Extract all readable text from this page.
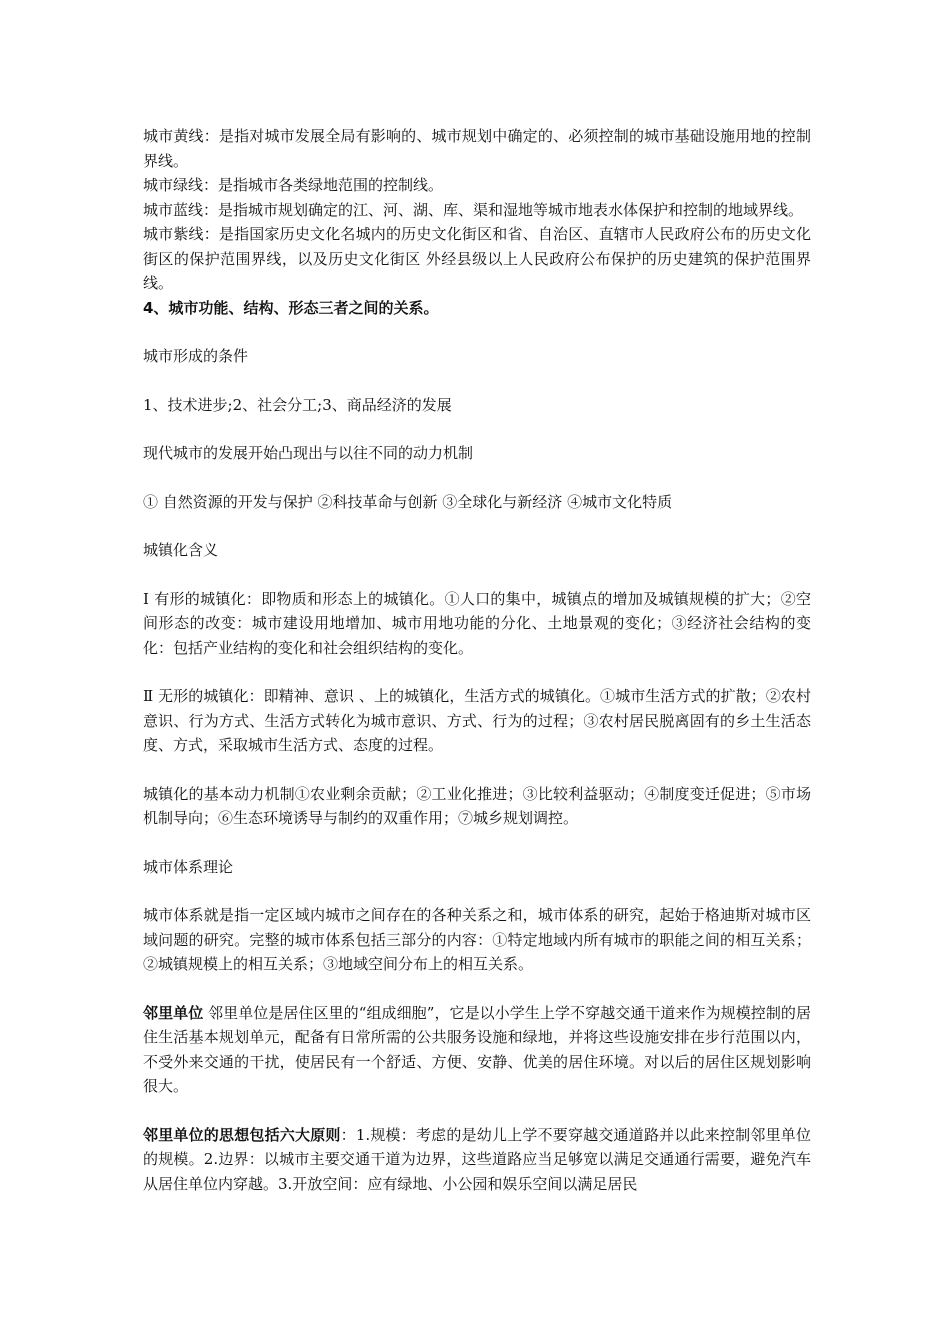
城市黄线：是指对城市发展全局有影响的、城市规划中确定的、必须控制的城市基础设施用地的控制界线。

城市绿线：是指城市各类绿地范围的控制线。

城市蓝线：是指城市规划确定的江、河、湖、库、渠和湿地等城市地表水体保护和控制的地域界线。

城市紫线：是指国家历史文化名城内的历史文化街区和省、自治区、直辖市人民政府公布的历史文化街区的保护范围界线，以及历史文化街区 外经县级以上人民政府公布保护的历史建筑的保护范围界线。

4、城市功能、结构、形态三者之间的关系。

城市形成的条件

1、技术进步;2、社会分工;3、商品经济的发展

现代城市的发展开始凸现出与以往不同的动力机制

① 自然资源的开发与保护 ②科技革命与创新 ③全球化与新经济 ④城市文化特质

城镇化含义

Ⅰ 有形的城镇化：即物质和形态上的城镇化。①人口的集中，城镇点的增加及城镇规模的扩大；②空间形态的改变：城市建设用地增加、城市用地功能的分化、土地景观的变化；③经济社会结构的变化：包括产业结构的变化和社会组织结构的变化。

Ⅱ 无形的城镇化：即精神、意识 、上的城镇化，生活方式的城镇化。①城市生活方式的扩散；②农村意识、行为方式、生活方式转化为城市意识、方式、行为的过程；③农村居民脱离固有的乡土生活态度、方式，采取城市生活方式、态度的过程。

城镇化的基本动力机制①农业剩余贡献；②工业化推进；③比较利益驱动；④制度变迁促进；⑤市场机制导向；⑥生态环境诱导与制约的双重作用；⑦城乡规划调控。

城市体系理论

城市体系就是指一定区域内城市之间存在的各种关系之和，城市体系的研究，起始于格迪斯对城市区域问题的研究。完整的城市体系包括三部分的内容：①特定地域内所有城市的职能之间的相互关系；②城镇规模上的相互关系；③地域空间分布上的相互关系。

邻里单位 邻里单位是居住区里的“组成细胞”，它是以小学生上学不穿越交通干道来作为规模控制的居住生活基本规划单元，配备有日常所需的公共服务设施和绿地，并将这些设施安排在步行范围以内，不受外来交通的干扰，使居民有一个舒适、方便、安静、优美的居住环境。对以后的居住区规划影响很大。

邻里单位的思想包括六大原则：1.规模：考虑的是幼儿上学不要穿越交通道路并以此来控制邻里单位的规模。2.边界：以城市主要交通干道为边界，这些道路应当足够宽以满足交通通行需要，避免汽车从居住单位内穿越。3.开放空间：应有绿地、小公园和娱乐空间以满足居民
